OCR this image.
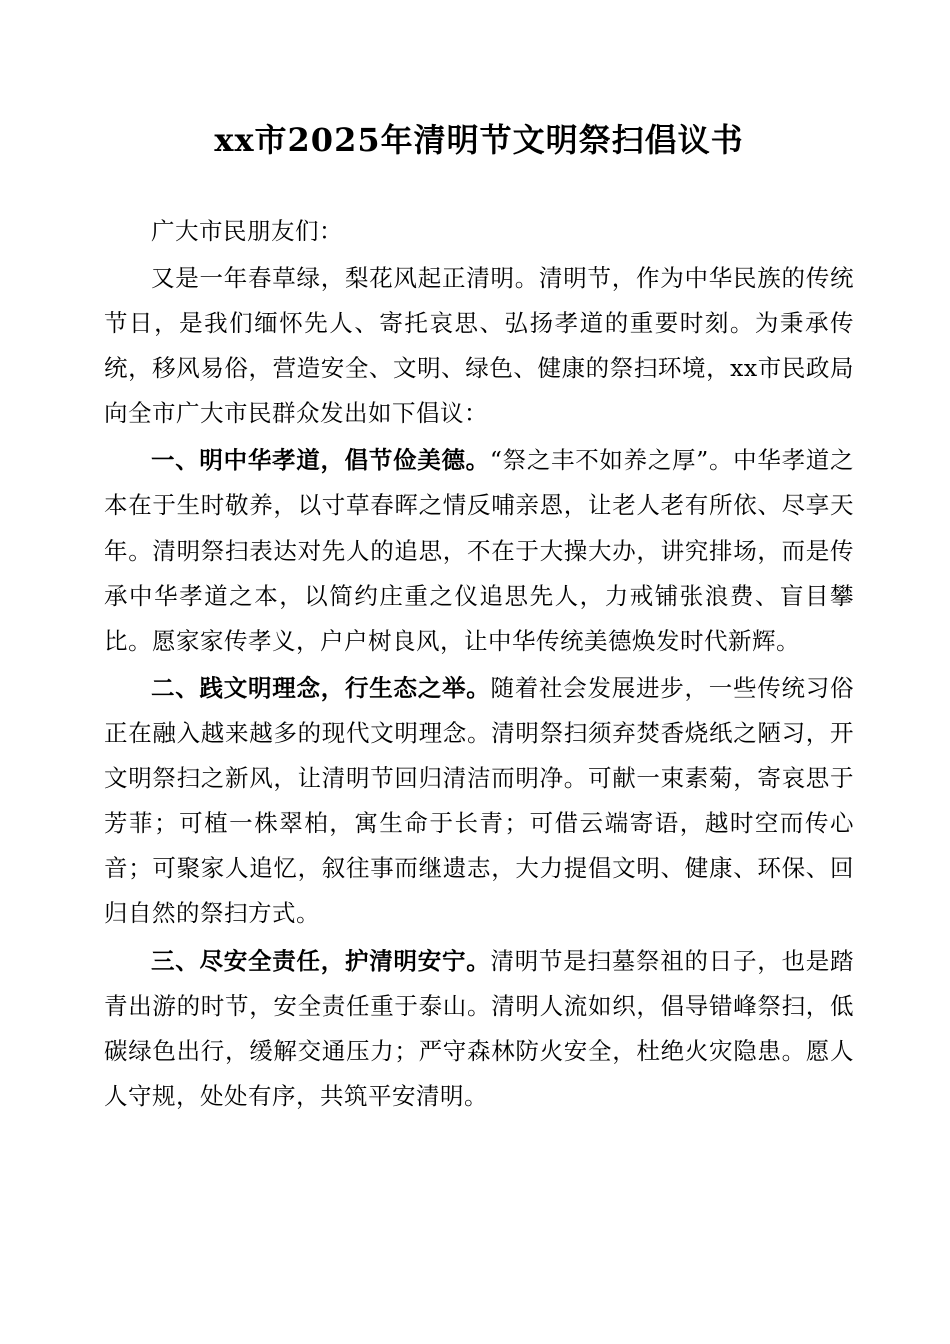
xx市2025年清明节文明祭扫倡议书

广大市民朋友们：

又是一年春草绿，梨花风起正清明。清明节，作为中华民族的传统节日，是我们缅怀先人、寄托哀思、弘扬孝道的重要时刻。为秉承传统，移风易俗，营造安全、文明、绿色、健康的祭扫环境，xx市民政局向全市广大市民群众发出如下倡议：

一、明中华孝道，倡节俭美德。“祭之丰不如养之厚”。中华孝道之本在于生时敬养，以寸草春晖之情反哺亲恩，让老人老有所依、尽享天年。清明祭扫表达对先人的追思，不在于大操大办，讲究排场，而是传承中华孝道之本，以简约庄重之仪追思先人，力戒铺张浪费、盲目攀比。愿家家传孝义，户户树良风，让中华传统美德焕发时代新辉。

二、践文明理念，行生态之举。随着社会发展进步，一些传统习俗正在融入越来越多的现代文明理念。清明祭扫须弃焚香烧纸之陋习，开文明祭扫之新风，让清明节回归清洁而明净。可献一束素菊，寄哀思于芳菲；可植一株翠柏，寓生命于长青；可借云端寄语，越时空而传心音；可聚家人追忆，叙往事而继遗志，大力提倡文明、健康、环保、回归自然的祭扫方式。

三、尽安全责任，护清明安宁。清明节是扫墓祭祖的日子，也是踏青出游的时节，安全责任重于泰山。清明人流如织，倡导错峰祭扫，低碳绿色出行，缓解交通压力；严守森林防火安全，杜绝火灾隐患。愿人人守规，处处有序，共筑平安清明。
